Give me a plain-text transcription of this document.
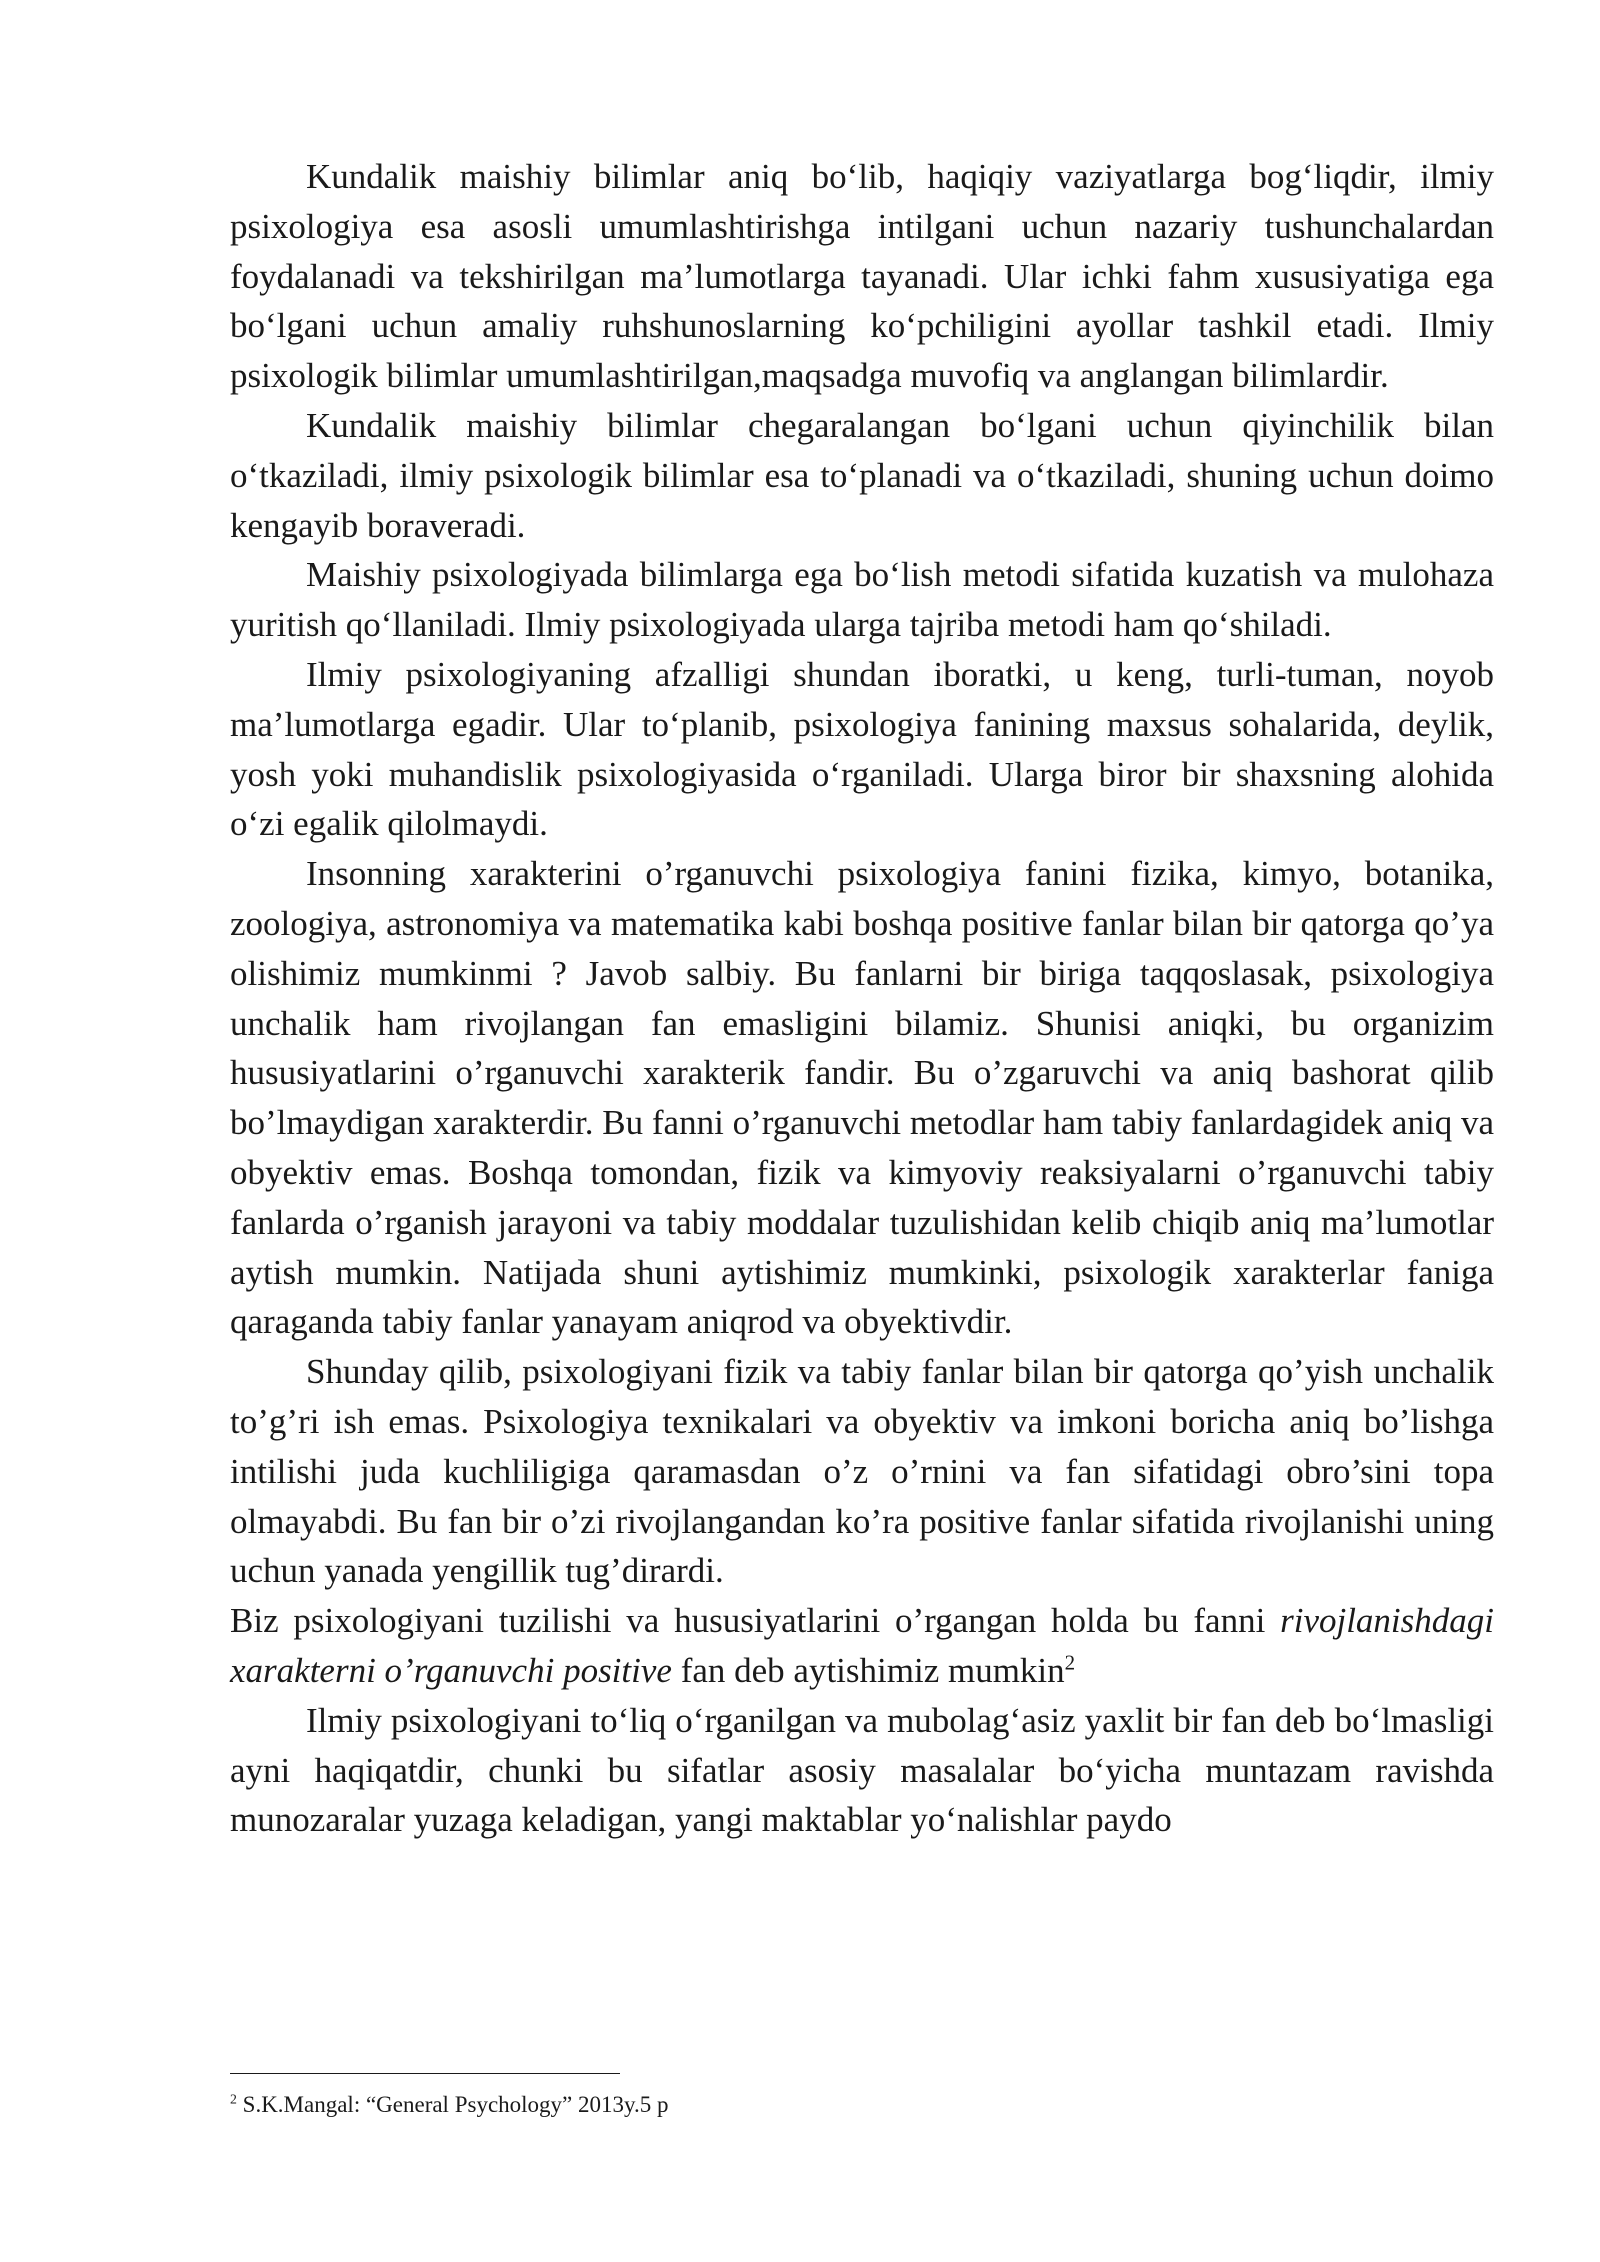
Kundalik maishiy bilimlar aniq bo‘lib, haqiqiy vaziyatlarga bog‘liqdir, ilmiy psixologiya esa asosli umumlashtirishga intilgani uchun nazariy tushunchalardan foydalanadi va tekshirilgan ma’lumotlarga tayanadi. Ular ichki fahm xususiyatiga ega bo‘lgani uchun amaliy ruhshunoslarning ko‘pchiligini ayollar tashkil etadi. Ilmiy psixologik bilimlar umumlashtirilgan,maqsadga muvofiq va anglangan bilimlardir.

Kundalik maishiy bilimlar chegaralangan bo‘lgani uchun qiyinchilik bilan o‘tkaziladi, ilmiy psixologik bilimlar esa to‘planadi va o‘tkaziladi, shuning uchun doimo kengayib boraveradi.

Maishiy psixologiyada bilimlarga ega bo‘lish metodi sifatida kuzatish va mulohaza yuritish qo‘llaniladi. Ilmiy psixologiyada ularga tajriba metodi ham qo‘shiladi.

Ilmiy psixologiyaning afzalligi shundan iboratki, u keng, turli-tuman, noyob ma’lumotlarga egadir. Ular to‘planib, psixologiya fanining maxsus sohalarida, deylik, yosh yoki muhandislik psixologiyasida o‘rganiladi. Ularga biror bir shaxsning alohida o‘zi egalik qilolmaydi.

Insonning xarakterini o’rganuvchi psixologiya fanini fizika, kimyo, botanika, zoologiya, astronomiya va matematika kabi boshqa positive fanlar bilan bir qatorga qo’ya olishimiz mumkinmi ? Javob salbiy. Bu fanlarni bir biriga taqqoslasak, psixologiya unchalik ham rivojlangan fan emasligini bilamiz. Shunisi aniqki, bu organizim hususiyatlarini o’rganuvchi xarakterik fandir. Bu o’zgaruvchi va aniq bashorat qilib bo’lmaydigan xarakterdir. Bu fanni o’rganuvchi metodlar ham tabiy fanlardagidek aniq va obyektiv emas. Boshqa tomondan, fizik va kimyoviy reaksiyalarni o’rganuvchi tabiy fanlarda o’rganish jarayoni va tabiy moddalar tuzulishidan kelib chiqib aniq ma’lumotlar aytish mumkin. Natijada shuni aytishimiz mumkinki, psixologik xarakterlar faniga qaraganda tabiy fanlar yanayam aniqrod va obyektivdir.

Shunday qilib, psixologiyani fizik va tabiy fanlar bilan bir qatorga qo’yish unchalik to’g’ri ish emas. Psixologiya texnikalari va obyektiv va imkoni boricha aniq bo’lishga intilishi juda kuchliligiga qaramasdan o’z o’rnini va fan sifatidagi obro’sini topa olmayabdi. Bu fan bir o’zi rivojlangandan ko’ra positive fanlar sifatida rivojlanishi uning uchun yanada yengillik tug’dirardi.

Biz psixologiyani tuzilishi va hususiyatlarini o’rgangan holda bu fanni rivojlanishdagi xarakterni o’rganuvchi positive fan deb aytishimiz mumkin$^2$

Ilmiy psixologiyani to‘liq o‘rganilgan va mubolag‘asiz yaxlit bir fan deb bo‘lmasligi ayni haqiqatdir, chunki bu sifatlar asosiy masalalar bo‘yicha muntazam ravishda munozaralar yuzaga keladigan, yangi maktablar yo‘nalishlar paydo

$^2$ S.K.Mangal: “General Psychology” 2013y.5 p
